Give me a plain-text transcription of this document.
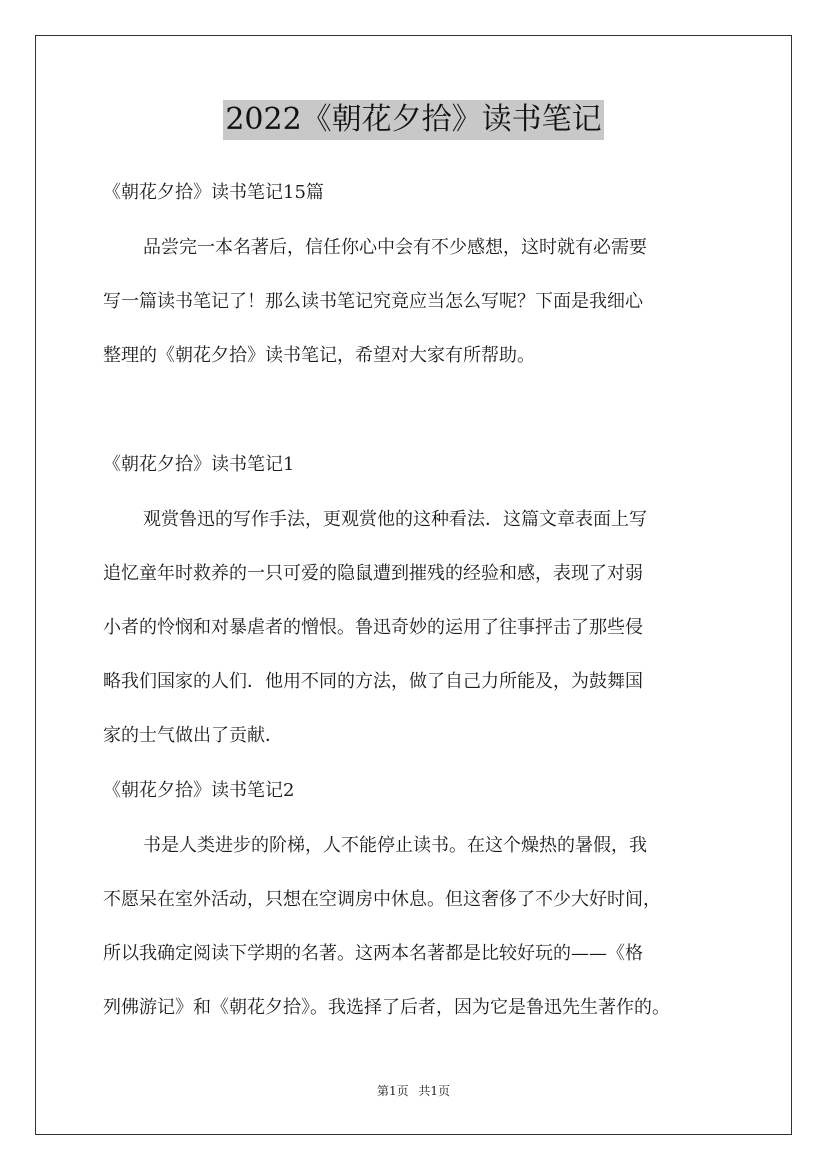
2022《朝花夕拾》读书笔记
《朝花夕拾》读书笔记15篇
品尝完一本名著后，信任你心中会有不少感想，这时就有必需要
写一篇读书笔记了！那么读书笔记究竟应当怎么写呢？下面是我细心
整理的《朝花夕拾》读书笔记，希望对大家有所帮助。
《朝花夕拾》读书笔记1
观赏鲁迅的写作手法，更观赏他的这种看法．这篇文章表面上写
追忆童年时救养的一只可爱的隐鼠遭到摧残的经验和感，表现了对弱
小者的怜悯和对暴虐者的憎恨。鲁迅奇妙的运用了往事抨击了那些侵
略我们国家的人们．他用不同的方法，做了自己力所能及，为鼓舞国
家的士气做出了贡献．
《朝花夕拾》读书笔记2
书是人类进步的阶梯，人不能停止读书。在这个燥热的暑假，我
不愿呆在室外活动，只想在空调房中休息。但这奢侈了不少大好时间，
所以我确定阅读下学期的名著。这两本名著都是比较好玩的——《格
列佛游记》和《朝花夕拾》。我选择了后者，因为它是鲁迅先生著作的。
第1页 共1页
